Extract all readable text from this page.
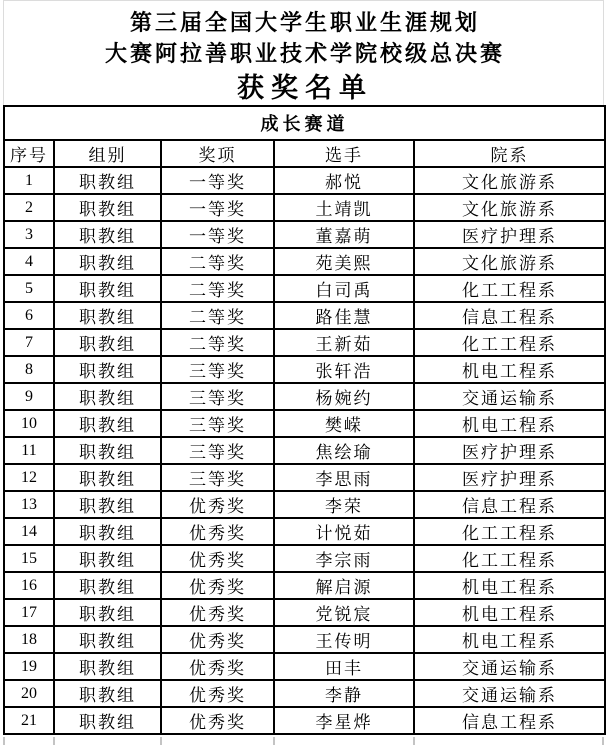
第三届全国大学生职业生涯规划
大赛阿拉善职业技术学院校级总决赛
获奖名单
成长赛道				
序号	组别	奖项	选手	院系
1	职教组	一等奖	郝悦	文化旅游系
2	职教组	一等奖	土靖凯	文化旅游系
3	职教组	一等奖	董嘉萌	医疗护理系
4	职教组	二等奖	苑美熙	文化旅游系
5	职教组	二等奖	白司禹	化工工程系
6	职教组	二等奖	路佳慧	信息工程系
7	职教组	二等奖	王新茹	化工工程系
8	职教组	三等奖	张轩浩	机电工程系
9	职教组	三等奖	杨婉约	交通运输系
10	职教组	三等奖	樊嵘	机电工程系
11	职教组	三等奖	焦绘瑜	医疗护理系
12	职教组	三等奖	李思雨	医疗护理系
13	职教组	优秀奖	李荣	信息工程系
14	职教组	优秀奖	计悦茹	化工工程系
15	职教组	优秀奖	李宗雨	化工工程系
16	职教组	优秀奖	解启源	机电工程系
17	职教组	优秀奖	党锐宸	机电工程系
18	职教组	优秀奖	王传明	机电工程系
19	职教组	优秀奖	田丰	交通运输系
20	职教组	优秀奖	李静	交通运输系
21	职教组	优秀奖	李星烨	信息工程系
